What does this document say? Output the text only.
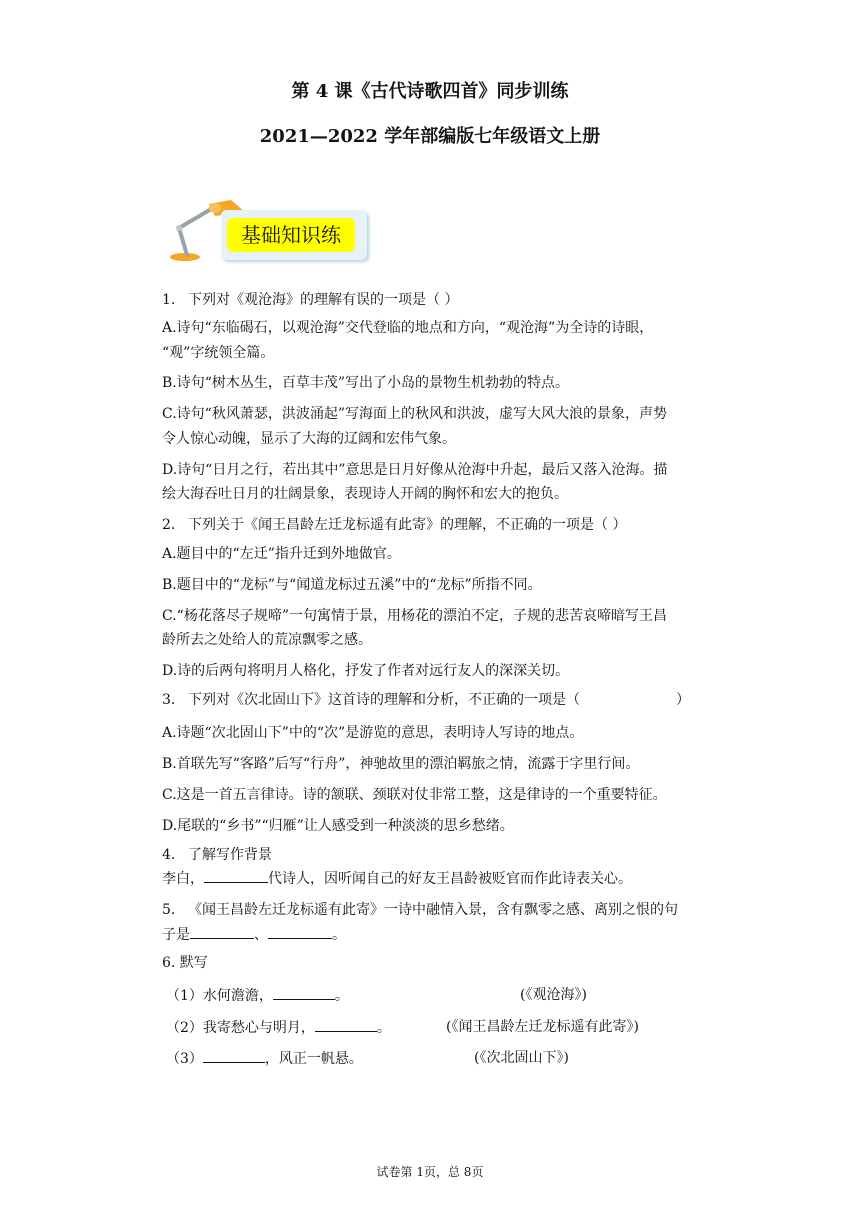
第 4 课《古代诗歌四首》同步训练
2021—2022 学年部编版七年级语文上册
基础知识练
1. 下列对《观沧海》的理解有误的一项是（ ）
A.诗句“东临碣石，以观沧海”交代登临的地点和方向，“观沧海”为全诗的诗眼，
“观”字统领全篇。
B.诗句“树木丛生，百草丰茂”写出了小岛的景物生机勃勃的特点。
C.诗句“秋风萧瑟，洪波涌起”写海面上的秋风和洪波，虚写大风大浪的景象，声势
令人惊心动魄，显示了大海的辽阔和宏伟气象。
D.诗句“日月之行，若出其中”意思是日月好像从沧海中升起，最后又落入沧海。描
绘大海吞吐日月的壮阔景象，表现诗人开阔的胸怀和宏大的抱负。
2. 下列关于《闻王昌龄左迁龙标遥有此寄》的理解，不正确的一项是（ ）
A.题目中的“左迁”指升迁到外地做官。
B.题目中的“龙标”与“闻道龙标过五溪”中的“龙标”所指不同。
C.“杨花落尽子规啼”一句寓情于景，用杨花的漂泊不定，子规的悲苦哀啼暗写王昌
龄所去之处给人的荒凉飘零之感。
D.诗的后两句将明月人格化，抒发了作者对远行友人的深深关切。
3. 下列对《次北固山下》这首诗的理解和分析，不正确的一项是（	）
A.诗题“次北固山下”中的“次”是游览的意思，表明诗人写诗的地点。
B.首联先写“客路”后写“行舟”，神驰故里的漂泊羁旅之情，流露于字里行间。
C.这是一首五言律诗。诗的颔联、颈联对仗非常工整，这是律诗的一个重要特征。
D.尾联的“乡书”“归雁”让人感受到一种淡淡的思乡愁绪。
4. 了解写作背景
李白，	代诗人，因听闻自己的好友王昌龄被贬官而作此诗表关心。
5. 《闻王昌龄左迁龙标遥有此寄》一诗中融情入景，含有飘零之感、离别之恨的句
子是	、	。
6. 默写
（1）水何澹澹，	。	(《观沧海》)
（2）我寄愁心与明月，	。	(《闻王昌龄左迁龙标遥有此寄》)
（3）	，风正一帆悬。	(《次北固山下》)
试卷第 1页，总 8页
